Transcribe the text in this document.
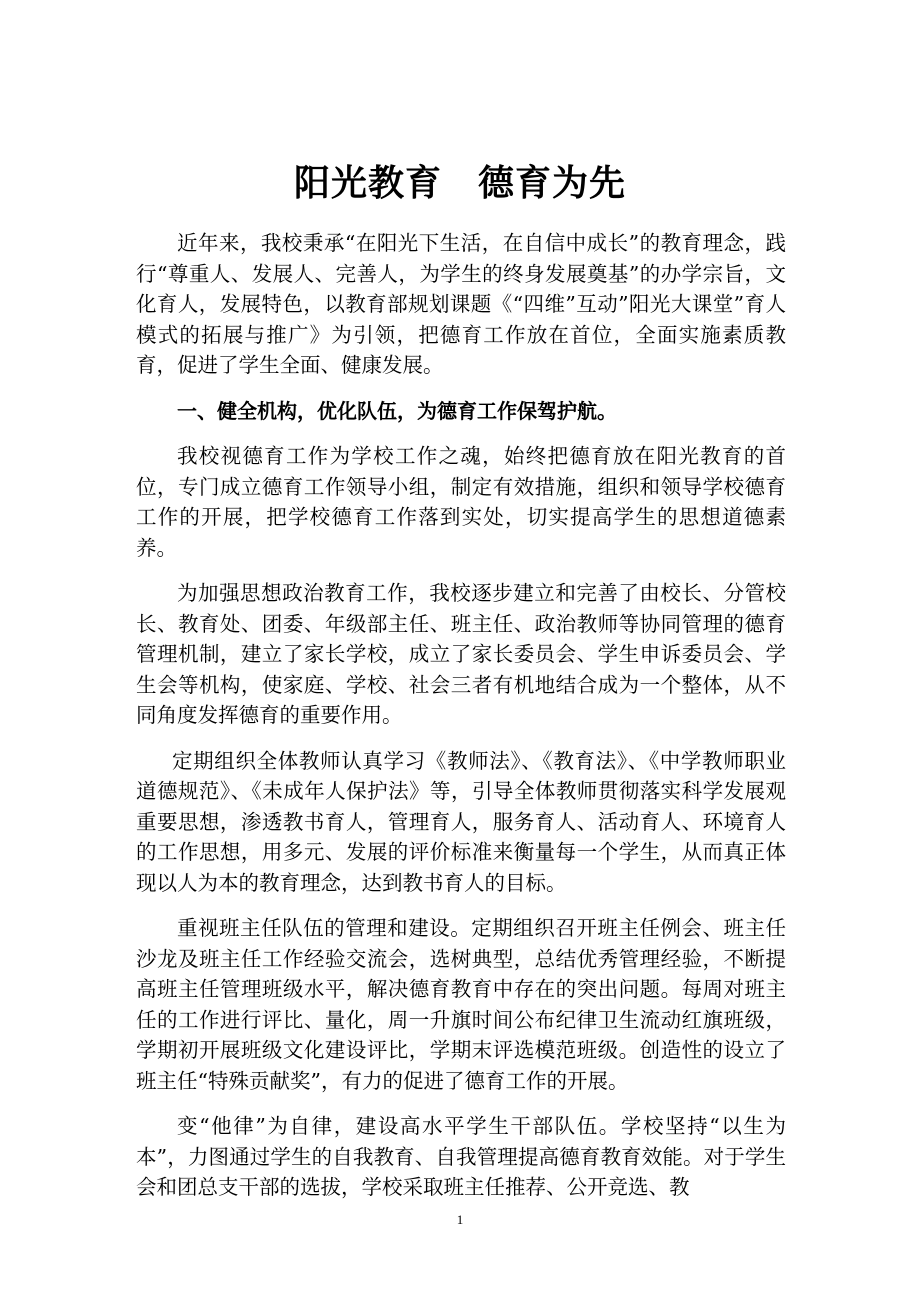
阳光教育 德育为先

近年来，我校秉承“在阳光下生活，在自信中成长”的教育理念，践行“尊重人、发展人、完善人，为学生的终身发展奠基”的办学宗旨，文化育人，发展特色，以教育部规划课题《“四维”互动”阳光大课堂”育人模式的拓展与推广》为引领，把德育工作放在首位，全面实施素质教育，促进了学生全面、健康发展。

一、健全机构，优化队伍，为德育工作保驾护航。

我校视德育工作为学校工作之魂，始终把德育放在阳光教育的首位，专门成立德育工作领导小组，制定有效措施，组织和领导学校德育工作的开展，把学校德育工作落到实处，切实提高学生的思想道德素养。

为加强思想政治教育工作，我校逐步建立和完善了由校长、分管校长、教育处、团委、年级部主任、班主任、政治教师等协同管理的德育管理机制，建立了家长学校，成立了家长委员会、学生申诉委员会、学生会等机构，使家庭、学校、社会三者有机地结合成为一个整体，从不同角度发挥德育的重要作用。

定期组织全体教师认真学习《教师法》、《教育法》、《中学教师职业道德规范》、《未成年人保护法》等，引导全体教师贯彻落实科学发展观重要思想，渗透教书育人，管理育人，服务育人、活动育人、环境育人的工作思想，用多元、发展的评价标准来衡量每一个学生，从而真正体现以人为本的教育理念，达到教书育人的目标。

重视班主任队伍的管理和建设。定期组织召开班主任例会、班主任沙龙及班主任工作经验交流会，选树典型，总结优秀管理经验，不断提高班主任管理班级水平，解决德育教育中存在的突出问题。每周对班主任的工作进行评比、量化，周一升旗时间公布纪律卫生流动红旗班级，学期初开展班级文化建设评比，学期末评选模范班级。创造性的设立了班主任“特殊贡献奖”，有力的促进了德育工作的开展。

变“他律”为自律，建设高水平学生干部队伍。学校坚持“以生为本”，力图通过学生的自我教育、自我管理提高德育教育效能。对于学生会和团总支干部的选拔，学校采取班主任推荐、公开竞选、教

1
